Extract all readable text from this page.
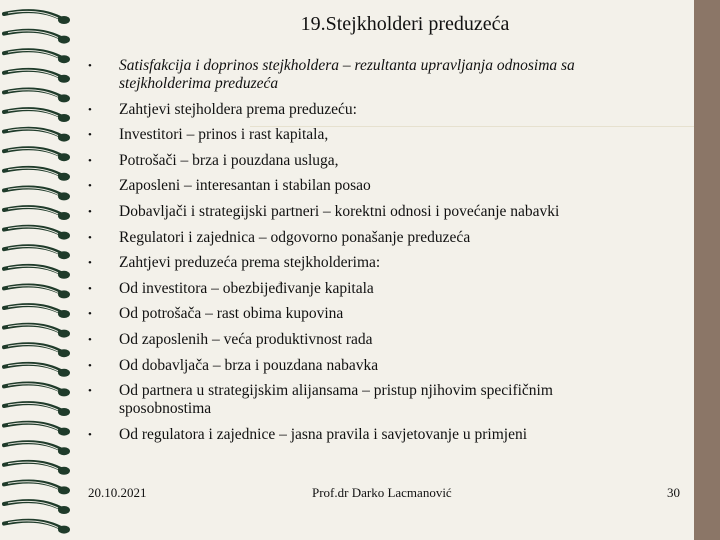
19.Stejkholderi preduzeća
• Satisfakcija i doprinos stejkholdera – rezultanta upravljanja odnosima sa stejkholderima preduzeća
• Zahtjevi stejholdera prema preduzeću:
• Investitori – prinos i rast kapitala,
• Potrošači – brza i pouzdana usluga,
• Zaposleni – interesantan i stabilan posao
• Dobavljači i strategijski partneri – korektni odnosi i povećanje nabavki
• Regulatori i zajednica – odgovorno ponašanje preduzeća
• Zahtjevi preduzeća prema stejkholderima:
• Od investitora – obezbijeđivanje kapitala
• Od potrošača – rast obima kupovina
• Od zaposlenih – veća produktivnost rada
• Od dobavljača – brza i pouzdana nabavka
• Od partnera u strategijskim alijansama – pristup njihovim specifičnim sposobnostima
• Od regulatora i zajednice – jasna pravila i savjetovanje u primjeni
20.10.2021	Prof.dr Darko Lacmanović	30
